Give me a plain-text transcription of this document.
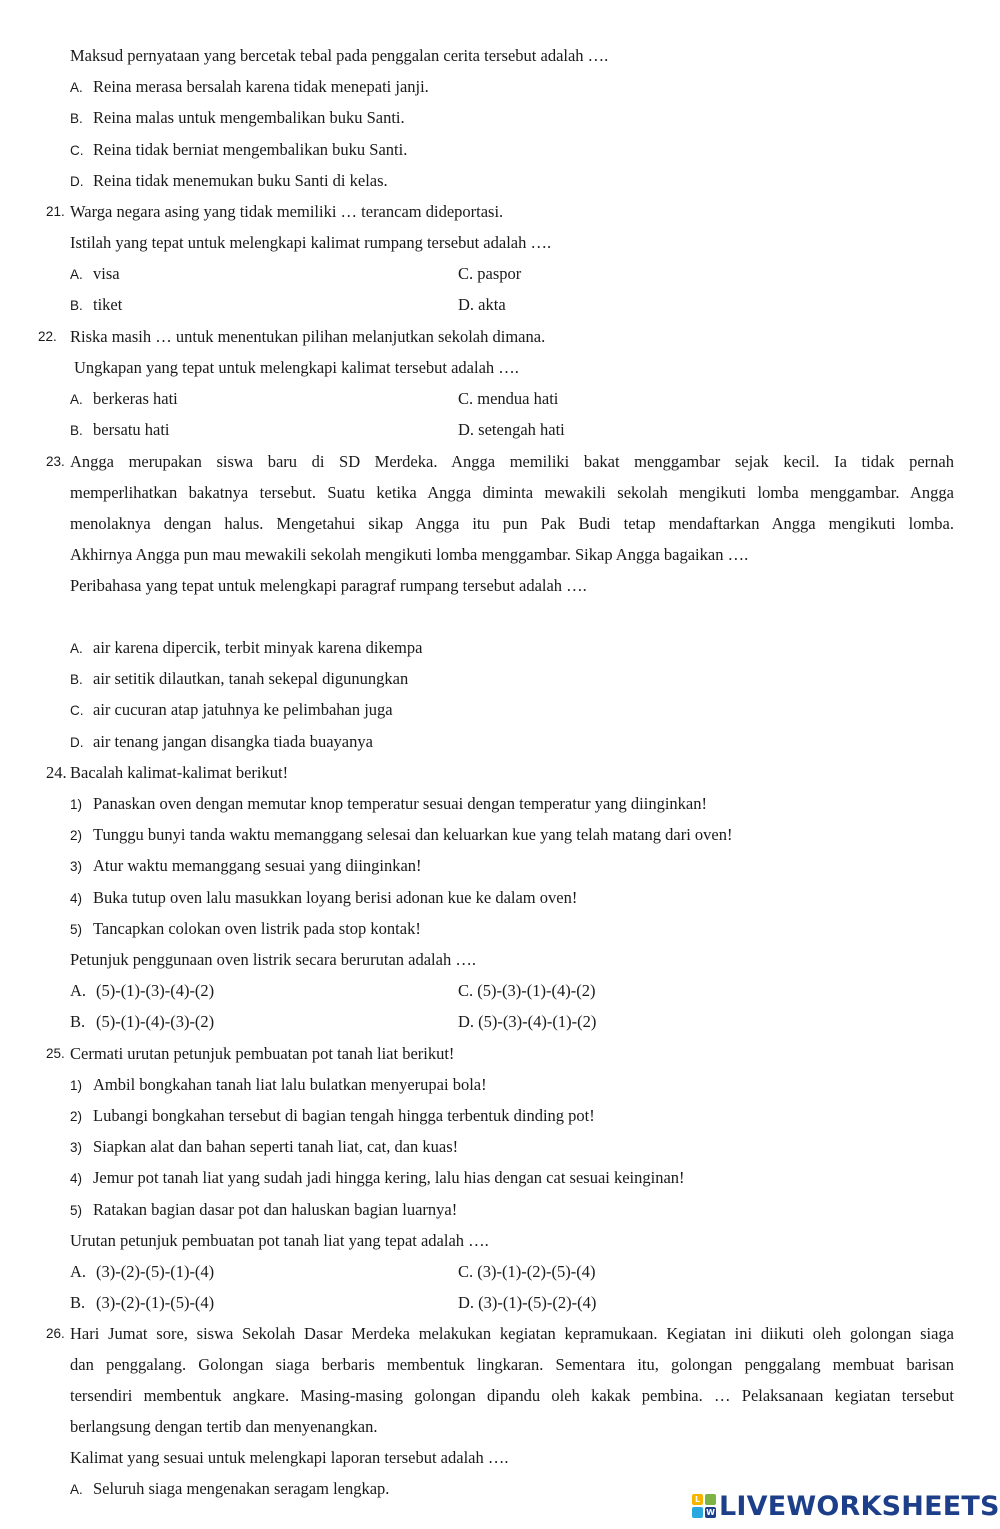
Maksud pernyataan yang bercetak tebal pada penggalan cerita tersebut adalah ….
A. Reina merasa bersalah karena tidak menepati janji.
B. Reina malas untuk mengembalikan buku Santi.
C. Reina tidak berniat mengembalikan buku Santi.
D. Reina tidak menemukan buku Santi di kelas.
21. Warga negara asing yang tidak memiliki … terancam dideportasi.
Istilah yang tepat untuk melengkapi kalimat rumpang tersebut adalah ….
A. visa	C. paspor
B. tiket	D. akta
22. Riska masih … untuk menentukan pilihan melanjutkan sekolah dimana.
Ungkapan yang tepat untuk melengkapi kalimat tersebut adalah ….
A. berkeras hati	C. mendua hati
B. bersatu hati	D. setengah hati
23. Angga merupakan siswa baru di SD Merdeka. Angga memiliki bakat menggambar sejak kecil. Ia tidak pernah
memperlihatkan bakatnya tersebut. Suatu ketika Angga diminta mewakili sekolah mengikuti lomba menggambar. Angga
menolaknya dengan halus. Mengetahui sikap Angga itu pun Pak Budi tetap mendaftarkan Angga mengikuti lomba.
Akhirnya Angga pun mau mewakili sekolah mengikuti lomba menggambar. Sikap Angga bagaikan ….
Peribahasa yang tepat untuk melengkapi paragraf rumpang tersebut adalah ….
A. air karena dipercik, terbit minyak karena dikempa
B. air setitik dilautkan, tanah sekepal digunungkan
C. air cucuran atap jatuhnya ke pelimbahan juga
D. air tenang jangan disangka tiada buayanya
24. Bacalah kalimat-kalimat berikut!
1) Panaskan oven dengan memutar knop temperatur sesuai dengan temperatur yang diinginkan!
2) Tunggu bunyi tanda waktu memanggang selesai dan keluarkan kue yang telah matang dari oven!
3) Atur waktu memanggang sesuai yang diinginkan!
4) Buka tutup oven lalu masukkan loyang berisi adonan kue ke dalam oven!
5) Tancapkan colokan oven listrik pada stop kontak!
Petunjuk penggunaan oven listrik secara berurutan adalah ….
A. (5)-(1)-(3)-(4)-(2)	C. (5)-(3)-(1)-(4)-(2)
B. (5)-(1)-(4)-(3)-(2)	D. (5)-(3)-(4)-(1)-(2)
25. Cermati urutan petunjuk pembuatan pot tanah liat berikut!
1) Ambil bongkahan tanah liat lalu bulatkan menyerupai bola!
2) Lubangi bongkahan tersebut di bagian tengah hingga terbentuk dinding pot!
3) Siapkan alat dan bahan seperti tanah liat, cat, dan kuas!
4) Jemur pot tanah liat yang sudah jadi hingga kering, lalu hias dengan cat sesuai keinginan!
5) Ratakan bagian dasar pot dan haluskan bagian luarnya!
Urutan petunjuk pembuatan pot tanah liat yang tepat adalah ….
A. (3)-(2)-(5)-(1)-(4)	C. (3)-(1)-(2)-(5)-(4)
B. (3)-(2)-(1)-(5)-(4)	D. (3)-(1)-(5)-(2)-(4)
26. Hari Jumat sore, siswa Sekolah Dasar Merdeka melakukan kegiatan kepramukaan. Kegiatan ini diikuti oleh golongan siaga
dan penggalang. Golongan siaga berbaris membentuk lingkaran. Sementara itu, golongan penggalang membuat barisan
tersendiri membentuk angkare. Masing-masing golongan dipandu oleh kakak pembina. … Pelaksanaan kegiatan tersebut
berlangsung dengan tertib dan menyenangkan.
Kalimat yang sesuai untuk melengkapi laporan tersebut adalah ….
A. Seluruh siaga mengenakan seragam lengkap.
L
W LIVEWORKSHEETS
